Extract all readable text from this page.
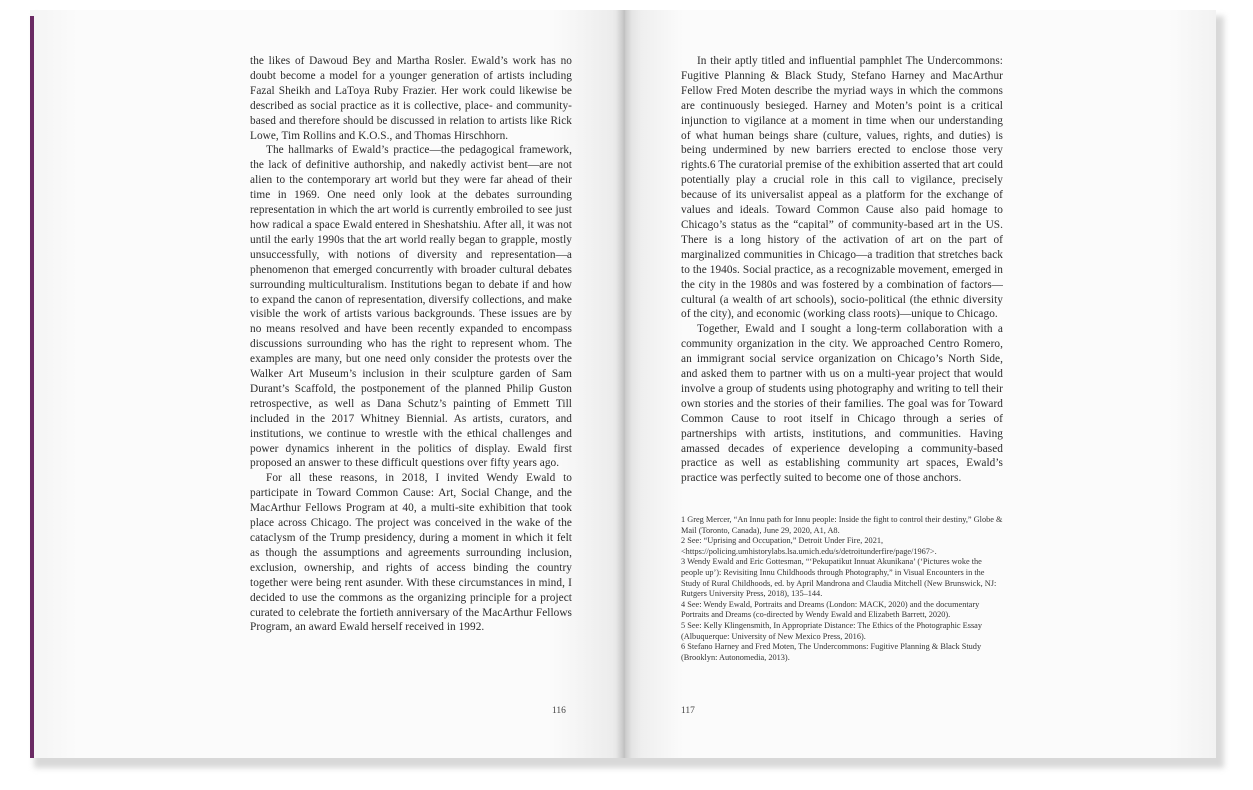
the likes of Dawoud Bey and Martha Rosler. Ewald’s work has no doubt become a model for a younger generation of artists including Fazal Sheikh and LaToya Ruby Frazier. Her work could likewise be described as social practice as it is collective, place- and community- based and therefore should be discussed in relation to artists like Rick Lowe, Tim Rollins and K.O.S., and Thomas Hirschhorn.

The hallmarks of Ewald’s practice—the pedagogical framework, the lack of definitive authorship, and nakedly activist bent—are not alien to the contemporary art world but they were far ahead of their time in 1969. One need only look at the debates surrounding representation in which the art world is currently embroiled to see just how radical a space Ewald entered in Sheshatshiu. After all, it was not until the early 1990s that the art world really began to grapple, mostly unsuccessfully, with notions of diversity and representation—a phenomenon that emerged concurrently with broader cultural debates surrounding multiculturalism. Institutions began to debate if and how to expand the canon of representation, diversify collections, and make visible the work of artists various backgrounds. These issues are by no means resolved and have been recently expanded to encompass discussions surrounding who has the right to represent whom. The examples are many, but one need only consider the protests over the Walker Art Museum’s inclusion in their sculpture garden of Sam Durant’s Scaffold, the postponement of the planned Philip Guston retrospective, as well as Dana Schutz’s painting of Emmett Till included in the 2017 Whitney Biennial. As artists, curators, and institutions, we continue to wrestle with the ethical challenges and power dynamics inherent in the politics of display. Ewald first proposed an answer to these difficult questions over fifty years ago.

For all these reasons, in 2018, I invited Wendy Ewald to participate in Toward Common Cause: Art, Social Change, and the MacArthur Fellows Program at 40, a multi-site exhibition that took place across Chicago. The project was conceived in the wake of the cataclysm of the Trump presidency, during a moment in which it felt as though the assumptions and agreements surrounding inclusion, exclusion, ownership, and rights of access binding the country together were being rent asunder. With these circumstances in mind, I decided to use the commons as the organizing principle for a project curated to celebrate the fortieth anniversary of the MacArthur Fellows Program, an award Ewald herself received in 1992.

116

In their aptly titled and influential pamphlet The Undercommons: Fugitive Planning & Black Study, Stefano Harney and MacArthur Fellow Fred Moten describe the myriad ways in which the commons are continuously besieged. Harney and Moten’s point is a critical injunction to vigilance at a moment in time when our understanding of what human beings share (culture, values, rights, and duties) is being undermined by new barriers erected to enclose those very rights.6 The curatorial premise of the exhibition asserted that art could potentially play a crucial role in this call to vigilance, precisely because of its universalist appeal as a platform for the exchange of values and ideals. Toward Common Cause also paid homage to Chicago’s status as the “capital” of community-based art in the US. There is a long history of the activation of art on the part of marginalized communities in Chicago—a tradition that stretches back to the 1940s. Social practice, as a recognizable movement, emerged in the city in the 1980s and was fostered by a combination of factors—cultural (a wealth of art schools), socio-political (the ethnic diversity of the city), and economic (working class roots)—unique to Chicago.

Together, Ewald and I sought a long-term collaboration with a community organization in the city. We approached Centro Romero, an immigrant social service organization on Chicago’s North Side, and asked them to partner with us on a multi-year project that would involve a group of students using photography and writing to tell their own stories and the stories of their families. The goal was for Toward Common Cause to root itself in Chicago through a series of partnerships with artists, institutions, and communities. Having amassed decades of experience developing a community-based practice as well as establishing community art spaces, Ewald’s practice was perfectly suited to become one of those anchors.

1 Greg Mercer, “An Innu path for Innu people: Inside the fight to control their destiny,” Globe & Mail (Toronto, Canada), June 29, 2020, A1, A8.
2 See: “Uprising and Occupation,” Detroit Under Fire, 2021, <https://policing.umhistorylabs.lsa.umich.edu/s/detroitunderfire/page/1967>.
3 Wendy Ewald and Eric Gottesman, “‘Pekupatikut Innuat Akunikana’ (‘Pictures woke the people up’): Revisiting Innu Childhoods through Photography,” in Visual Encounters in the Study of Rural Childhoods, ed. by April Mandrona and Claudia Mitchell (New Brunswick, NJ: Rutgers University Press, 2018), 135–144.
4 See: Wendy Ewald, Portraits and Dreams (London: MACK, 2020) and the documentary Portraits and Dreams (co-directed by Wendy Ewald and Elizabeth Barrett, 2020).
5 See: Kelly Klingensmith, In Appropriate Distance: The Ethics of the Photographic Essay (Albuquerque: University of New Mexico Press, 2016).
6 Stefano Harney and Fred Moten, The Undercommons: Fugitive Planning & Black Study (Brooklyn: Autonomedia, 2013).
117
